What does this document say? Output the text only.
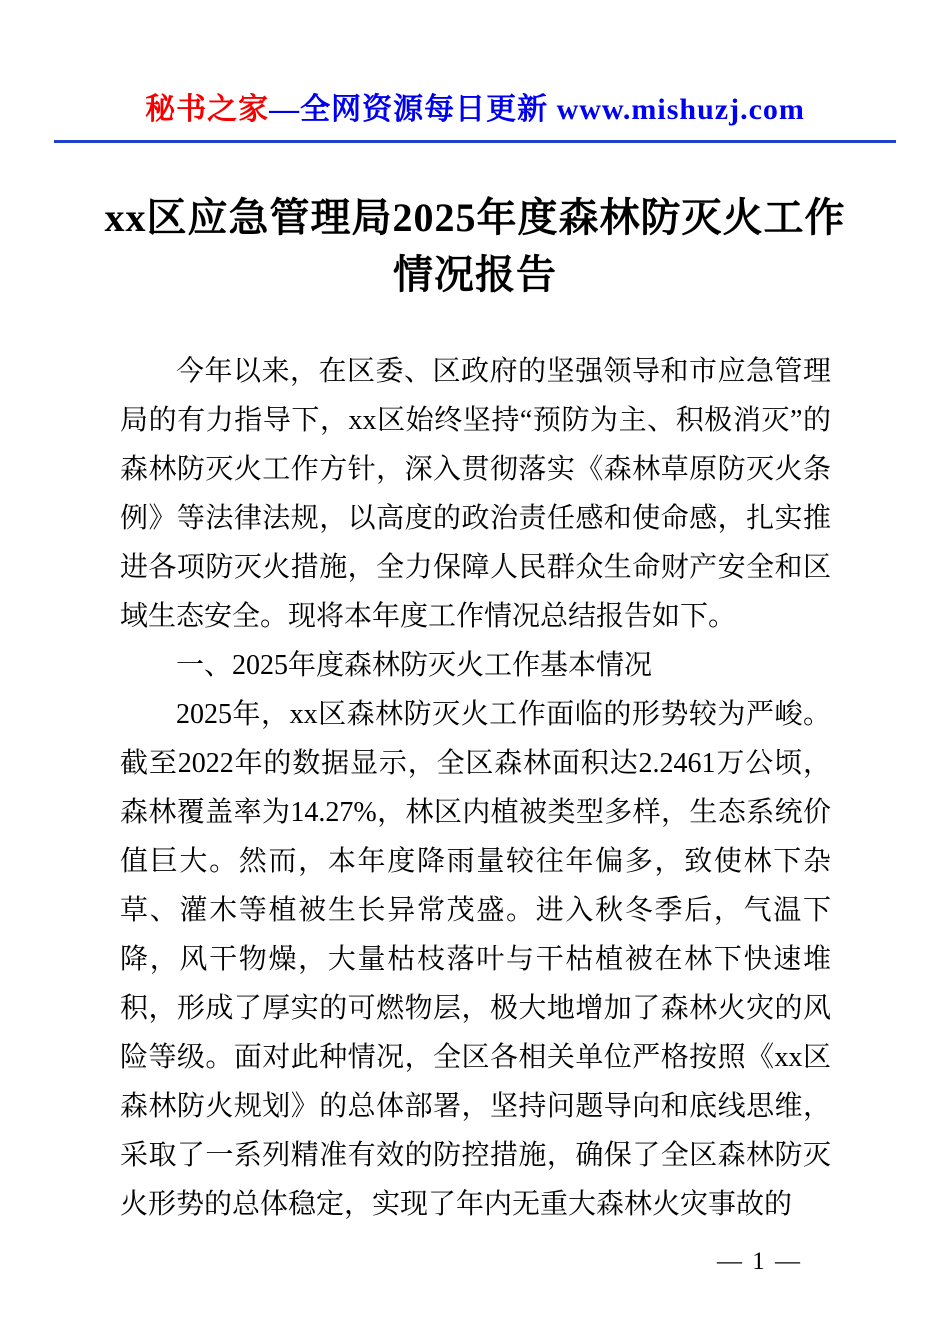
秘书之家—全网资源每日更新 www.mishuzj.com
xx区应急管理局2025年度森林防灭火工作
情况报告

今年以来，在区委、区政府的坚强领导和市应急管理局的有力指导下，xx区始终坚持“预防为主、积极消灭”的森林防灭火工作方针，深入贯彻落实《森林草原防灭火条例》等法律法规，以高度的政治责任感和使命感，扎实推进各项防灭火措施，全力保障人民群众生命财产安全和区域生态安全。现将本年度工作情况总结报告如下。

一、2025年度森林防灭火工作基本情况

2025年，xx区森林防灭火工作面临的形势较为严峻。截至2022年的数据显示，全区森林面积达2.2461万公顷，森林覆盖率为14.27%，林区内植被类型多样，生态系统价值巨大。然而，本年度降雨量较往年偏多，致使林下杂草、灌木等植被生长异常茂盛。进入秋冬季后，气温下降，风干物燥，大量枯枝落叶与干枯植被在林下快速堆积，形成了厚实的可燃物层，极大地增加了森林火灾的风险等级。面对此种情况，全区各相关单位严格按照《xx区森林防火规划》的总体部署，坚持问题导向和底线思维，采取了一系列精准有效的防控措施，确保了全区森林防灭火形势的总体稳定，实现了年内无重大森林火灾事故的

— 1 —
